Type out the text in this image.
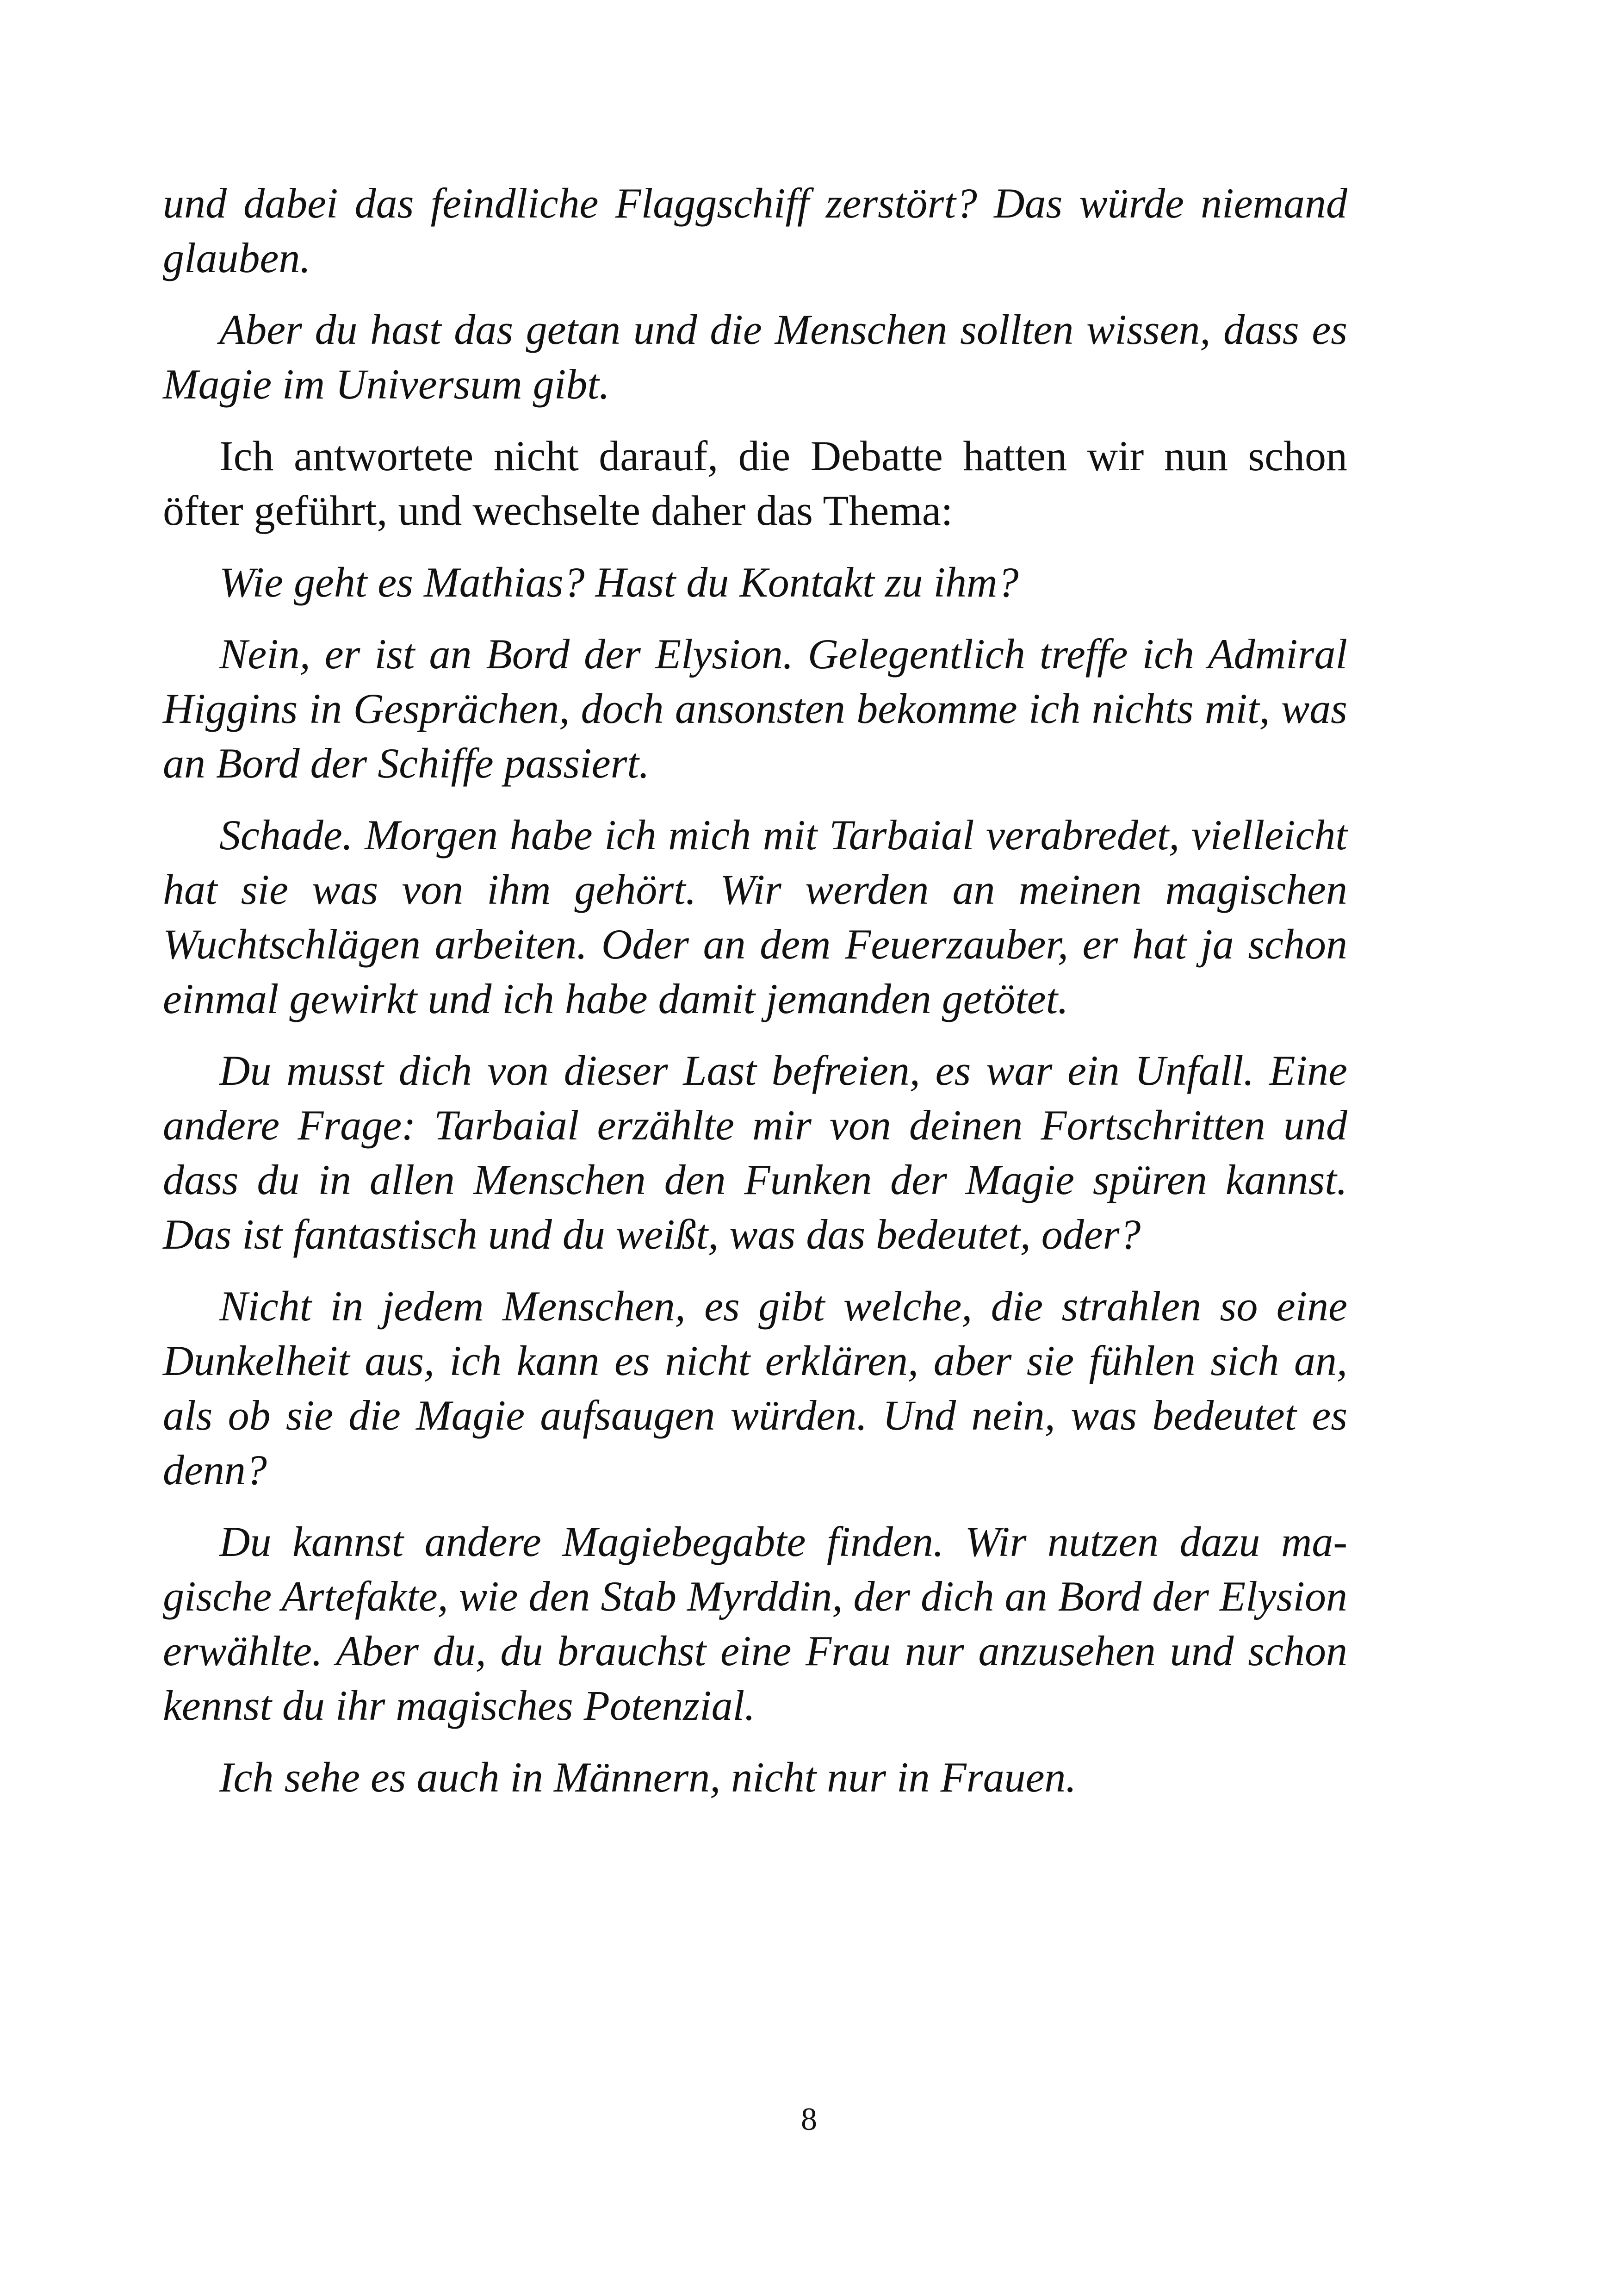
und dabei das feindliche Flaggschiff zerstört? Das würde niemand glauben.

Aber du hast das getan und die Menschen sollten wissen, dass es Magie im Universum gibt.

Ich antwortete nicht darauf, die Debatte hatten wir nun schon öfter geführt, und wechselte daher das Thema:

Wie geht es Mathias? Hast du Kontakt zu ihm?

Nein, er ist an Bord der Elysion. Gelegentlich treffe ich Admiral Higgins in Gesprächen, doch ansonsten bekomme ich nichts mit, was an Bord der Schiffe passiert.

Schade. Morgen habe ich mich mit Tarbaial verabredet, vielleicht hat sie was von ihm gehört. Wir werden an meinen magischen Wuchtschlägen arbeiten. Oder an dem Feuerzauber, er hat ja schon einmal gewirkt und ich habe damit jemanden getötet.

Du musst dich von dieser Last befreien, es war ein Unfall. Eine andere Frage: Tarbaial erzählte mir von deinen Fortschritten und dass du in allen Menschen den Funken der Magie spüren kannst. Das ist fantastisch und du weißt, was das bedeutet, oder?

Nicht in jedem Menschen, es gibt welche, die strahlen so eine Dunkelheit aus, ich kann es nicht erklären, aber sie fühlen sich an, als ob sie die Magie aufsaugen würden. Und nein, was bedeutet es denn?

Du kannst andere Magiebegabte finden. Wir nutzen dazu magische Artefakte, wie den Stab Myrddin, der dich an Bord der Elysion erwählte. Aber du, du brauchst eine Frau nur anzusehen und schon kennst du ihr magisches Potenzial.

Ich sehe es auch in Männern, nicht nur in Frauen.

8
